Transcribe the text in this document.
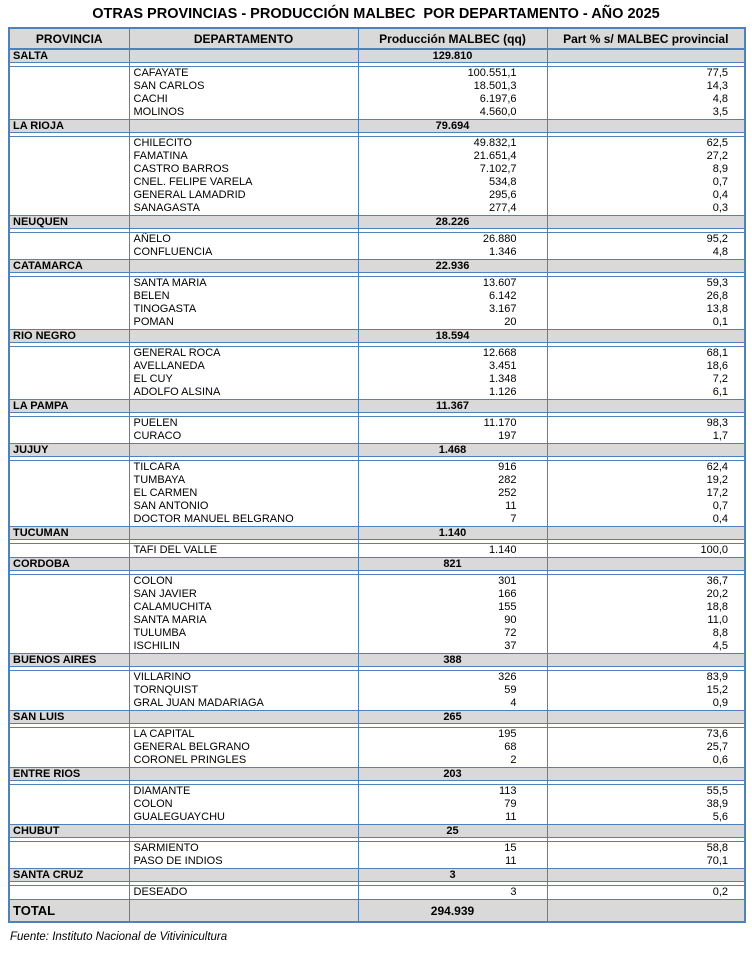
OTRAS PROVINCIAS - PRODUCCIÓN MALBEC  POR DEPARTAMENTO - AÑO 2025
PROVINCIA	DEPARTAMENTO	Producción MALBEC (qq)	Part % s/ MALBEC provincial
SALTA		129.810	

	CAFAYATE	100.551,1	77,5
	SAN CARLOS	18.501,3	14,3
	CACHI	6.197,6	4,8
	MOLINOS	4.560,0	3,5
LA RIOJA		79.694	

	CHILECITO	49.832,1	62,5
	FAMATINA	21.651,4	27,2
	CASTRO BARROS	7.102,7	8,9
	CNEL. FELIPE VARELA	534,8	0,7
	GENERAL LAMADRID	295,6	0,4
	SANAGASTA	277,4	0,3
NEUQUEN		28.226	

	AÑELO	26.880	95,2
	CONFLUENCIA	1.346	4,8
CATAMARCA		22.936	

	SANTA MARIA	13.607	59,3
	BELEN	6.142	26,8
	TINOGASTA	3.167	13,8
	POMAN	20	0,1
RIO NEGRO		18.594	

	GENERAL ROCA	12.668	68,1
	AVELLANEDA	3.451	18,6
	EL CUY	1.348	7,2
	ADOLFO ALSINA	1.126	6,1
LA PAMPA		11.367	

	PUELEN	11.170	98,3
	CURACO	197	1,7
JUJUY		1.468	

	TILCARA	916	62,4
	TUMBAYA	282	19,2
	EL CARMEN	252	17,2
	SAN ANTONIO	11	0,7
	DOCTOR MANUEL BELGRANO	7	0,4
TUCUMAN		1.140	

	TAFI DEL VALLE	1.140	100,0
CORDOBA		821	

	COLON	301	36,7
	SAN JAVIER	166	20,2
	CALAMUCHITA	155	18,8
	SANTA MARIA	90	11,0
	TULUMBA	72	8,8
	ISCHILIN	37	4,5
BUENOS AIRES		388	

	VILLARINO	326	83,9
	TORNQUIST	59	15,2
	GRAL JUAN MADARIAGA	4	0,9
SAN LUIS		265	

	LA CAPITAL	195	73,6
	GENERAL BELGRANO	68	25,7
	CORONEL PRINGLES	2	0,6
ENTRE RIOS		203	

	DIAMANTE	113	55,5
	COLON	79	38,9
	GUALEGUAYCHU	11	5,6
CHUBUT		25	

	SARMIENTO	15	58,8
	PASO DE INDIOS	11	70,1
SANTA CRUZ		3	

	DESEADO	3	0,2
TOTAL		294.939	
Fuente: Instituto Nacional de Vitivinicultura
